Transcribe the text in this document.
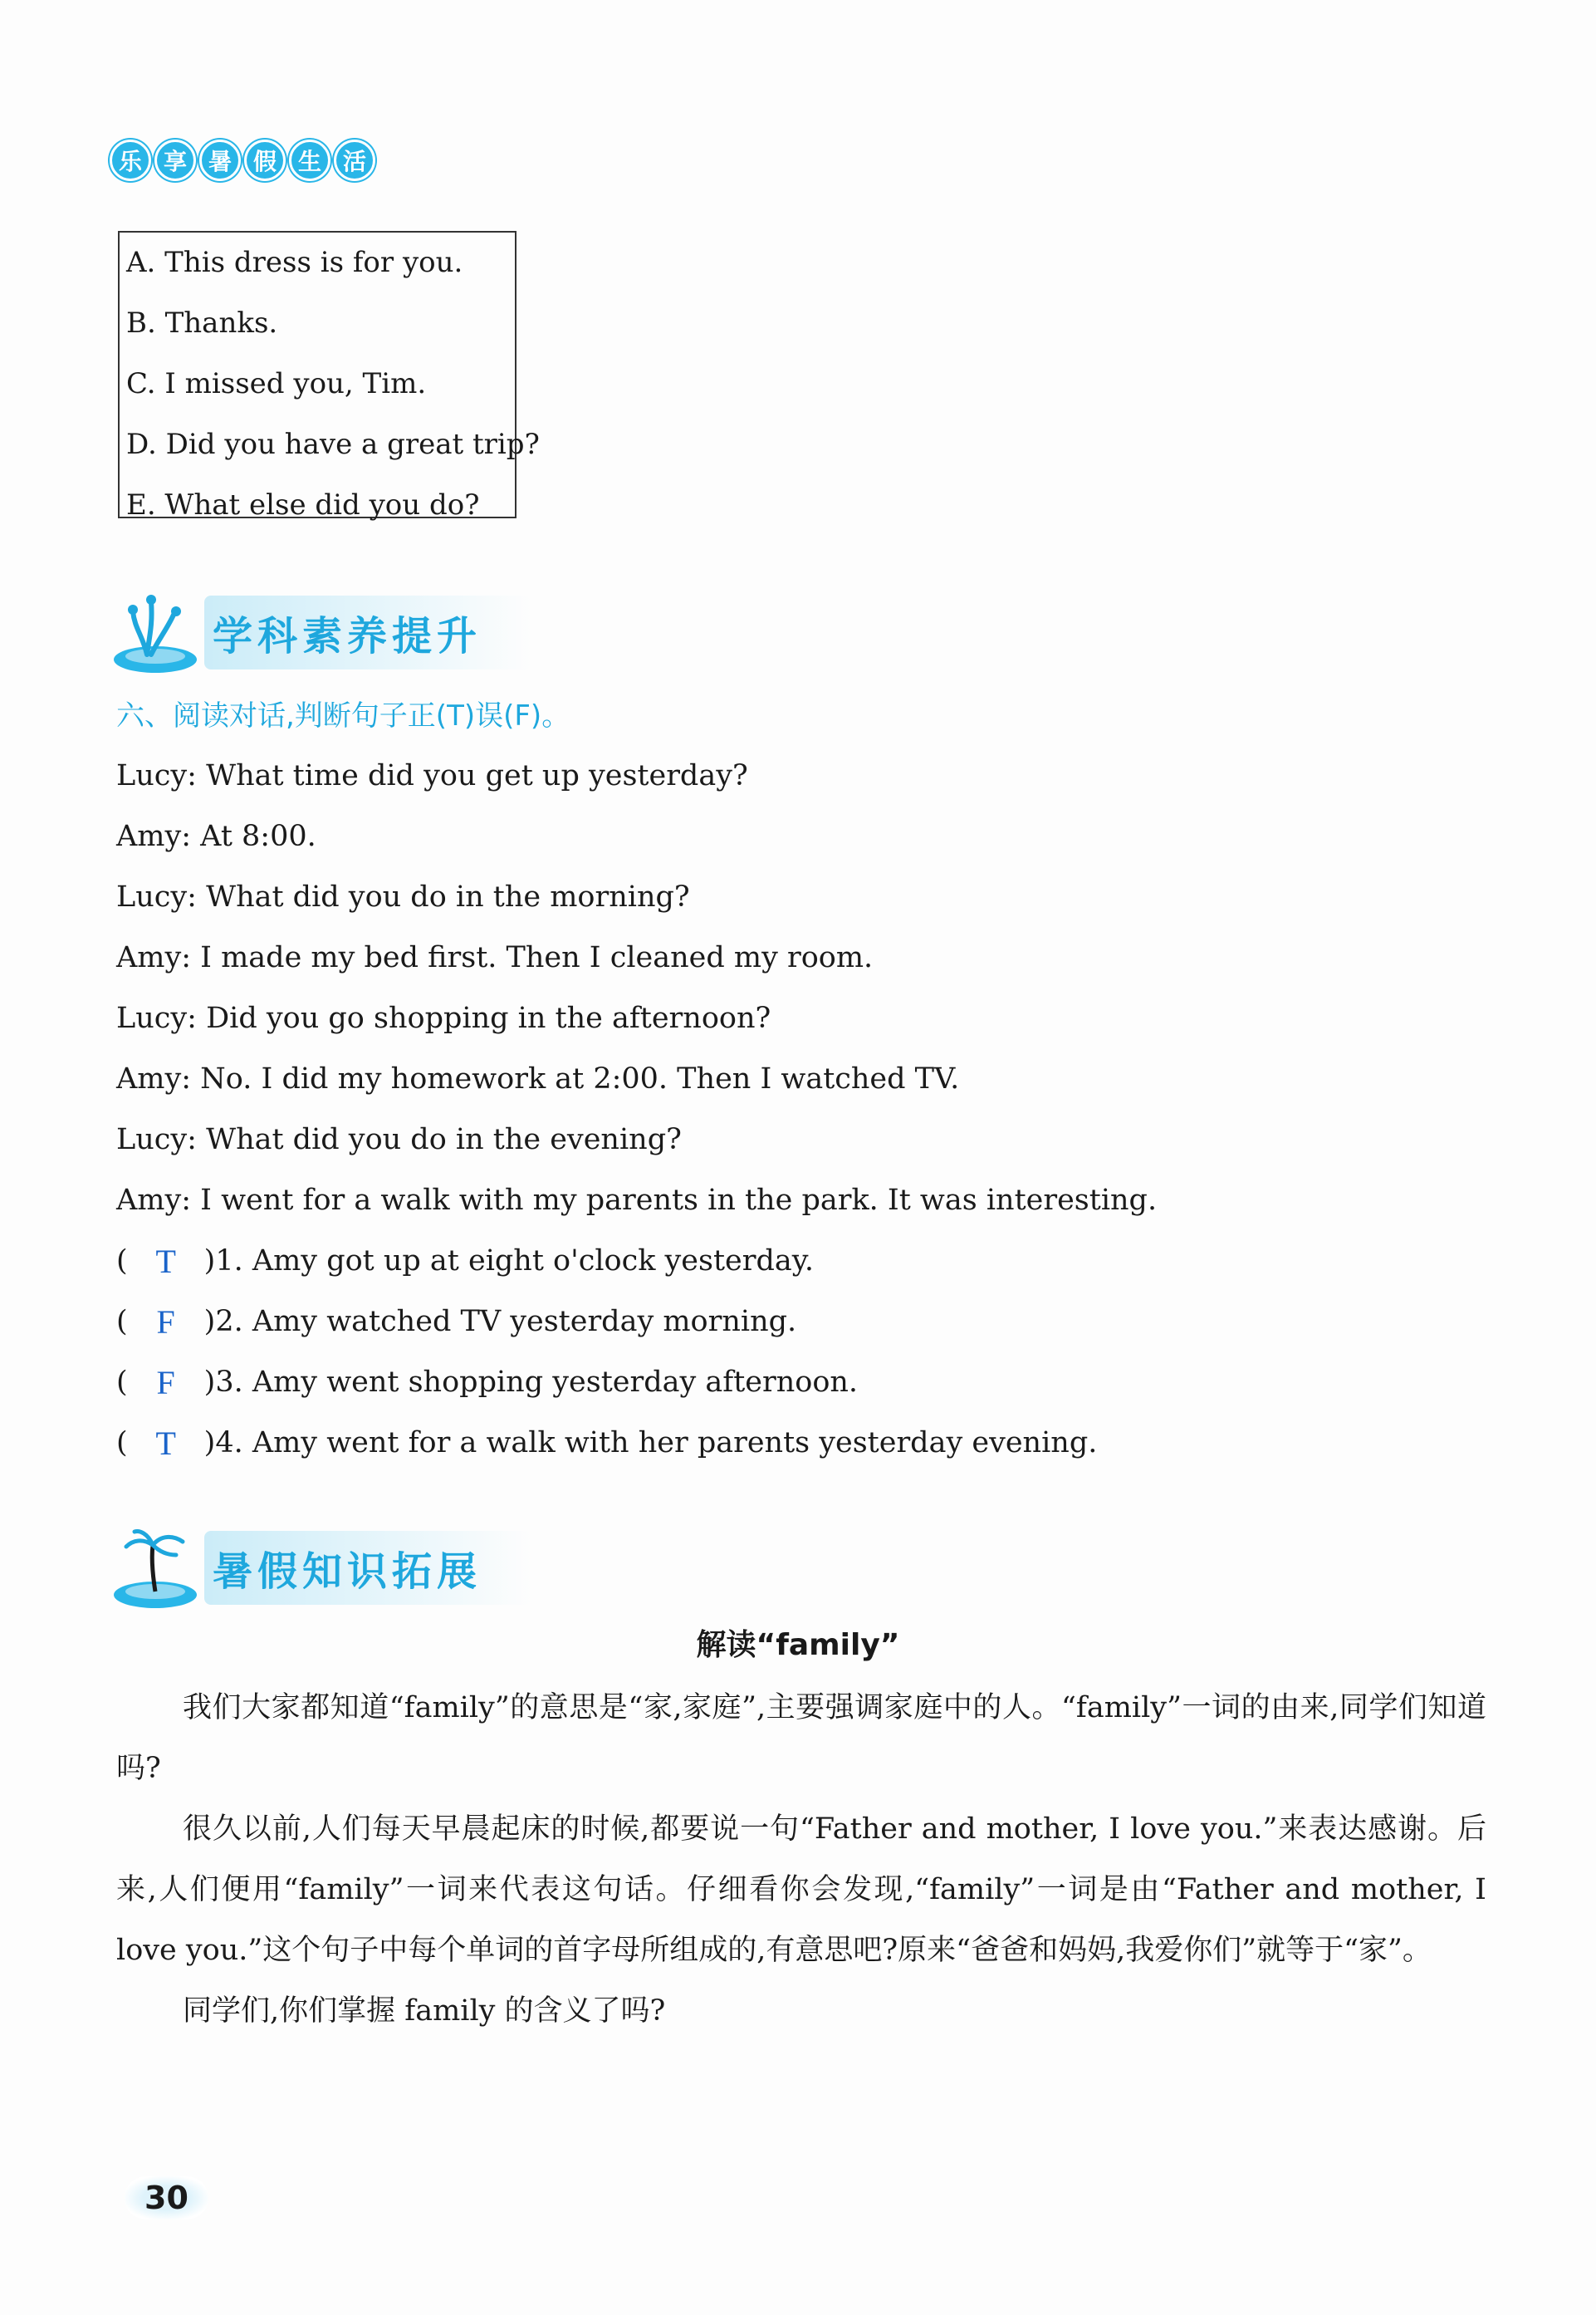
乐 享 暑 假 生 活
A. This dress is for you.
B. Thanks.
C. I missed you, Tim.
D. Did you have a great trip?
E. What else did you do?
学科素养提升
六、阅读对话,判断句子正(T)误(F)。
Lucy: What time did you get up yesterday?
Amy: At 8:00.
Lucy: What did you do in the morning?
Amy: I made my bed first. Then I cleaned my room.
Lucy: Did you go shopping in the afternoon?
Amy: No. I did my homework at 2:00. Then I watched TV.
Lucy: What did you do in the evening?
Amy: I went for a walk with my parents in the park. It was interesting.
( T ) 1. Amy got up at eight o'clock yesterday.
( F ) 2. Amy watched TV yesterday morning.
( F ) 3. Amy went shopping yesterday afternoon.
( T ) 4. Amy went for a walk with her parents yesterday evening.
暑假知识拓展
解读“family”

我们大家都知道“family”的意思是“家,家庭”,主要强调家庭中的人。“family”一词的由来,同学们知道吗?

很久以前,人们每天早晨起床的时候,都要说一句“Father and mother, I love you.”来表达感谢。后来,人们便用“family”一词来代表这句话。仔细看你会发现,“family”一词是由“Father and mother, I love you.”这个句子中每个单词的首字母所组成的,有意思吧?原来“爸爸和妈妈,我爱你们”就等于“家”。

同学们,你们掌握 family 的含义了吗?

30
